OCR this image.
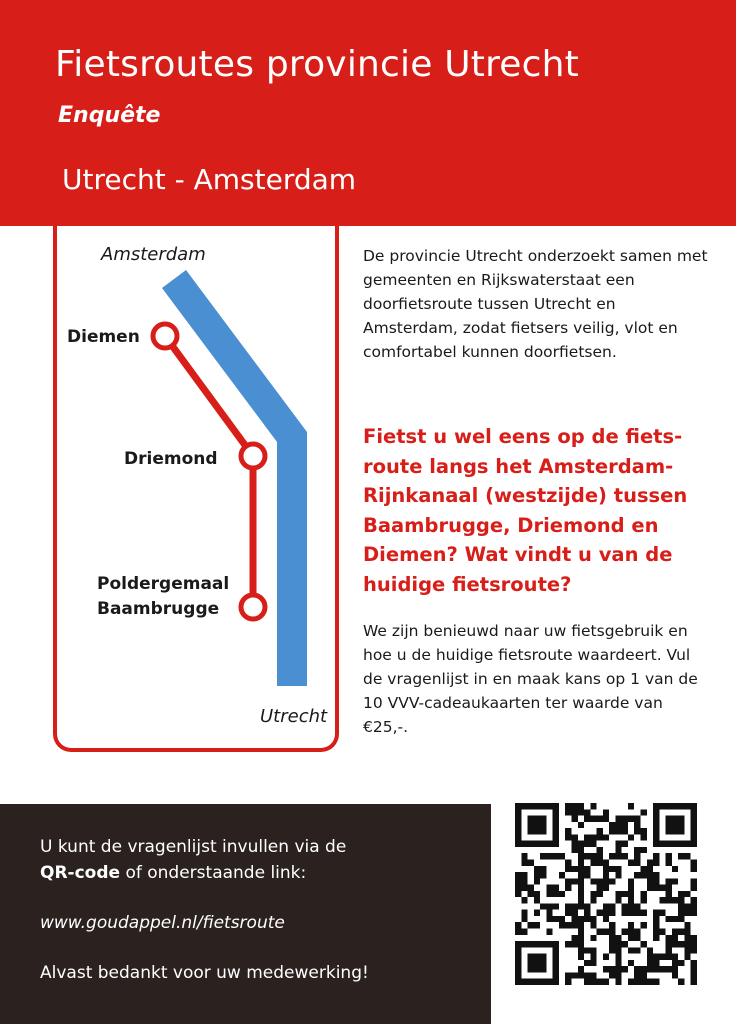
Fietsroutes provincie Utrecht
Enquête
Utrecht - Amsterdam
Amsterdam
Utrecht
Diemen
Driemond
Poldergemaal
Baambrugge
De provincie Utrecht onderzoekt samen met gemeenten en Rijkswaterstaat een doorfietsroute tussen Utrecht en Amsterdam, zodat fietsers veilig, vlot en comfortabel kunnen doorfietsen.
Fietst u wel eens op de fietsroute langs het Amsterdam-Rijnkanaal (westzijde) tussen Baambrugge, Driemond en Diemen? Wat vindt u van de huidige fietsroute?
We zijn benieuwd naar uw fietsgebruik en hoe u de huidige fietsroute waardeert. Vul de vragenlijst in en maak kans op 1 van de 10 VVV-cadeaukaarten ter waarde van €25,-.

U kunt de vragenlijst invullen via de
QR-code of onderstaande link:

www.goudappel.nl/fietsroute

Alvast bedankt voor uw medewerking!
